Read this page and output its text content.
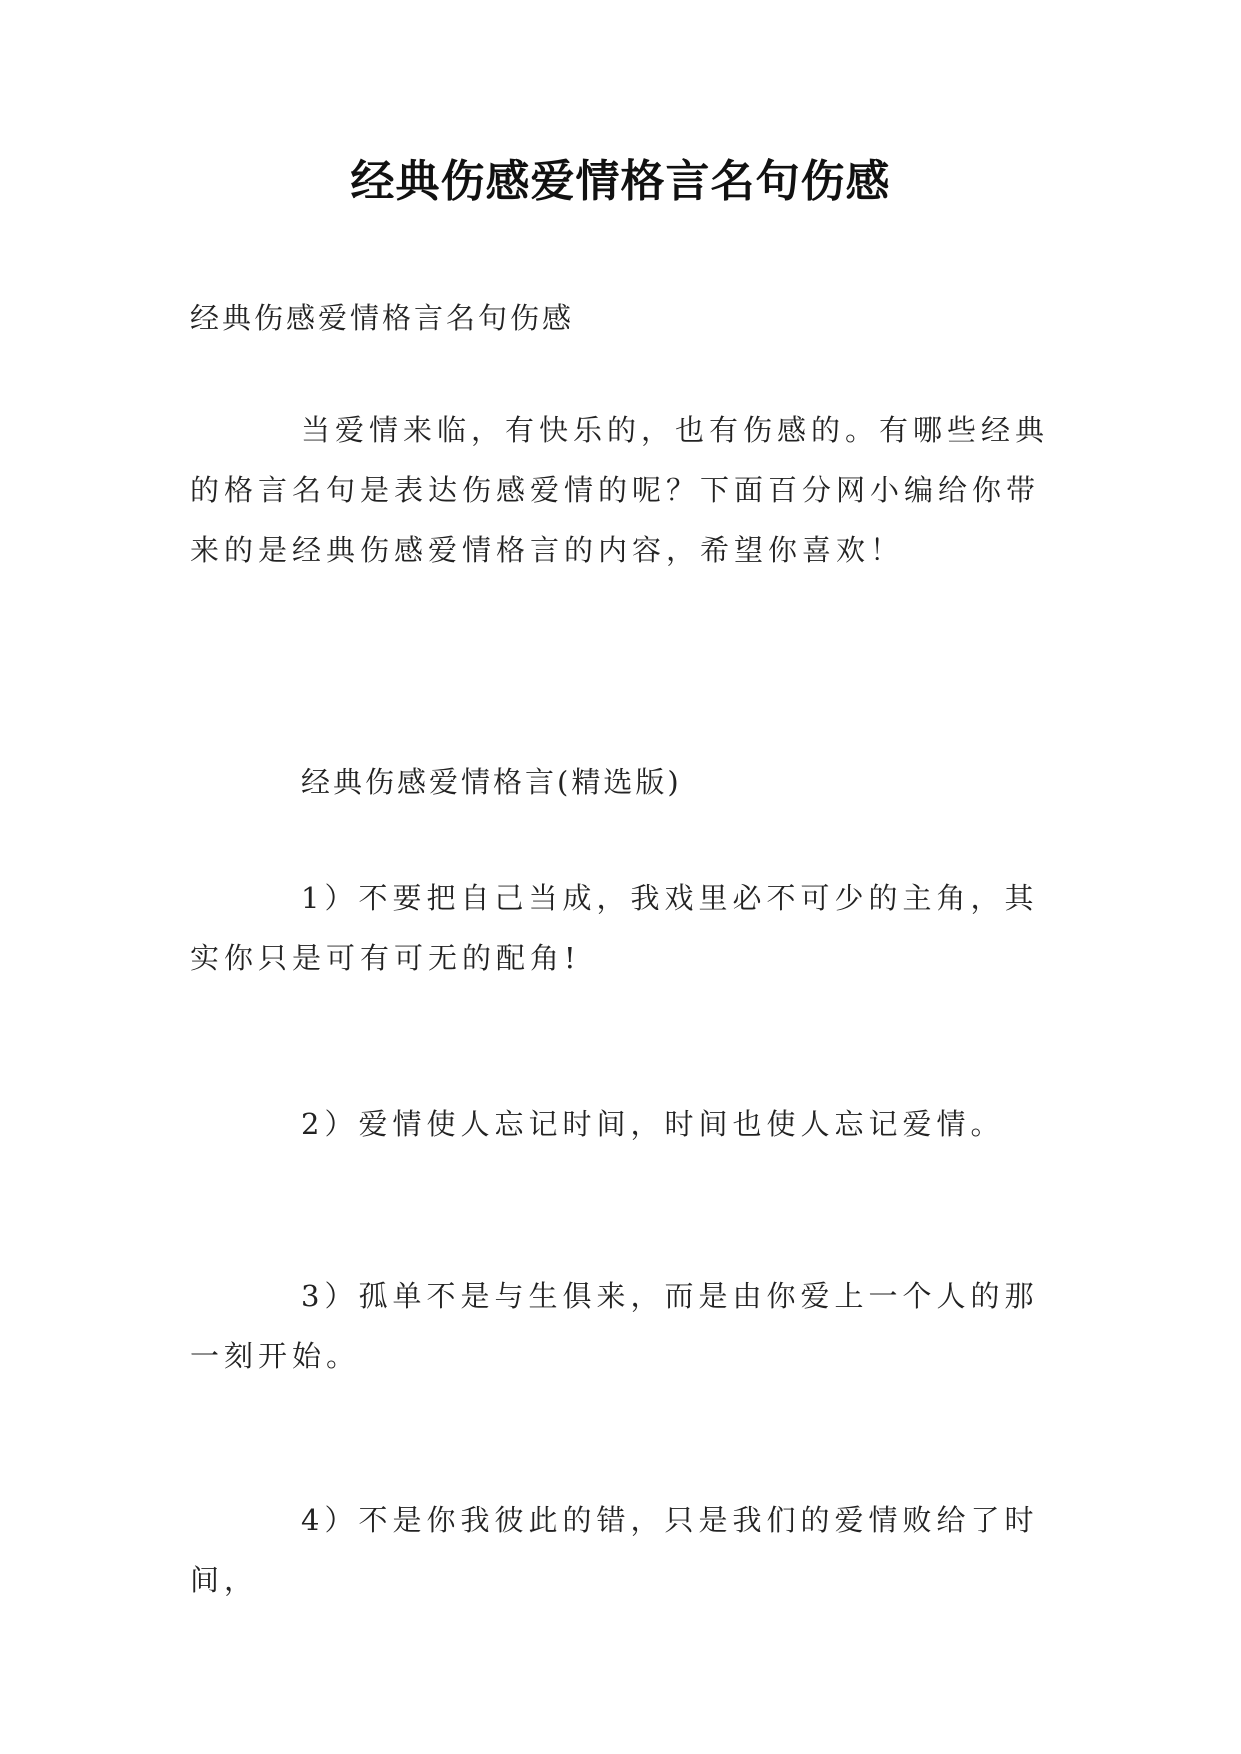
经典伤感爱情格言名句伤感

经典伤感爱情格言名句伤感

当爱情来临，有快乐的，也有伤感的。有哪些经典的格言名句是表达伤感爱情的呢？下面百分网小编给你带来的是经典伤感爱情格言的内容，希望你喜欢！

经典伤感爱情格言(精选版)

1）不要把自己当成，我戏里必不可少的主角，其实你只是可有可无的配角!

2）爱情使人忘记时间，时间也使人忘记爱情。

3）孤单不是与生俱来，而是由你爱上一个人的那一刻开始。

4）不是你我彼此的错，只是我们的爱情败给了时间，
